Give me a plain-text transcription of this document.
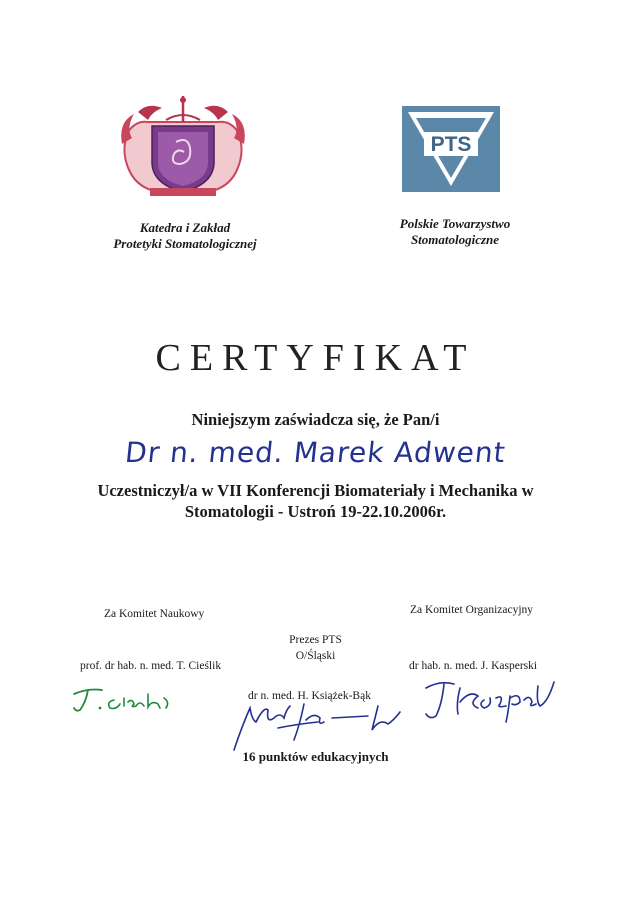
Katedra i Zakład
Protetyki Stomatologicznej
PTS
Polskie Towarzystwo
Stomatologiczne
CERTYFIKAT
Niniejszym zaświadcza się, że Pan/i
Dr n. med. Marek Adwent
Uczestniczył/a w VII Konferencji Biomateriały i Mechanika w
Stomatologii - Ustroń 19-22.10.2006r.
Za Komitet Naukowy	Za Komitet Organizacyjny
Prezes PTS
O/Śląski
prof. dr hab. n. med. T. Cieślik	dr hab. n. med. J. Kasperski
dr n. med. H. Książek-Bąk
16 punktów edukacyjnych
